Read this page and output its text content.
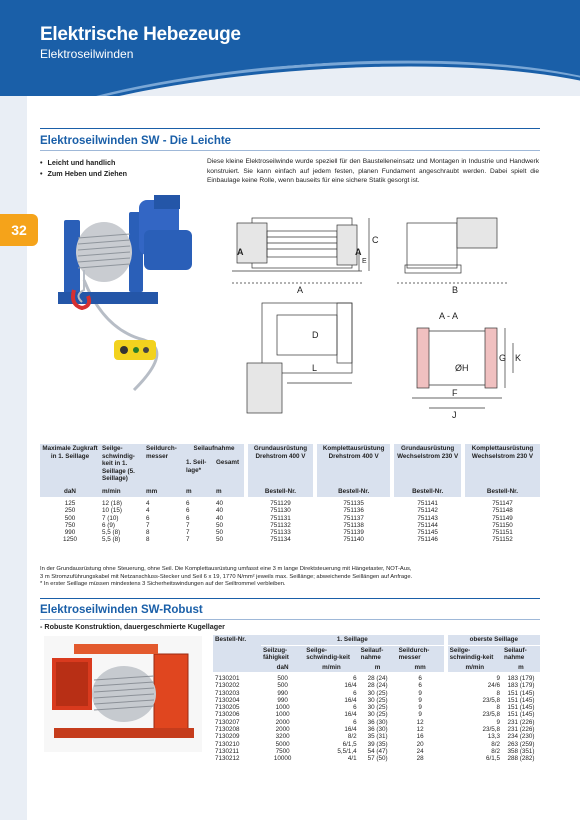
Elektrische Hebezeuge
Elektroseilwinden
32
Elektroseilwinden SW - Die Leichte
• Leicht und handlich
• Zum Heben und Ziehen
Diese kleine Elektroseilwinde wurde speziell für den Baustelleneinsatz und Montagen in Industrie und Handwerk konstruiert. Sie kann einfach auf jedem festen, planen Fundament angeschraubt werden. Dabei spielt die Einbaulage keine Rolle, wenn bauseits für eine sichere Statik gesorgt ist.
A	A
A	B
C
E
D
L
A - A
ØH
G K
F
J
Maximale Zugkraft in 1. Seillage	Seilge-schwindig-keit in 1. Seillage (5. Seillage)	Seildurch-messer	Seilaufnahme		Grundausrüstung Drehstrom 400 V	Komplettausrüstung Drehstrom 400 V	Grundausrüstung Wechselstrom 230 V	Komplettausrüstung Wechselstrom 230 V
			1. Seil-lage*	Gesamt				
daN	m/min	mm	m	m	Bestell-Nr.	Bestell-Nr.	Bestell-Nr.	Bestell-Nr.
125	12 (18)	4	6	40	751129	751135	751141	751147
250	10 (15)	4	6	40	751130	751136	751142	751148
500	7 (10)	6	6	40	751131	751137	751143	751149
750	6 (9)	7	7	50	751132	751138	751144	751150
990	5,5 (8)	8	7	50	751133	751139	751145	751151
1250	5,5 (8)	8	7	50	751134	751140	751146	751152
In der Grundausrüstung ohne Steuerung, ohne Seil. Die Komplettausrüstung umfasst eine 3 m lange Direktsteuerung mit Hängetaster, NOT-Aus,
3 m Stromzuführungskabel mit Netzanschluss-Stecker und Seil 6 x 19, 1770 N/mm² jeweils max. Seillänge; abweichende Seillängen auf Anfrage.
* In erster Seillage müssen mindestens 3 Sicherheitswindungen auf der Seiltrommel verbleiben.
Elektroseilwinden SW-Robust
- Robuste Konstruktion, dauergeschmierte Kugellager
Bestell-Nr.	1. Seillage				oberste Seillage	
	Seilzug-fähigkeit	Seilge-schwindig-keit	Seilauf-nahme	Seildurch-messer	Seilge-schwindig-keit	Seilauf-nahme
	daN	m/min	m	mm	m/min	m
7130201	500	6	28 (24)	6	9	183 (179)
7130202	500	16/4	28 (24)	6	24/6	183 (179)
7130203	990	6	30 (25)	9	8	151 (145)
7130204	990	16/4	30 (25)	9	23/5,8	151 (145)
7130205	1000	6	30 (25)	9	8	151 (145)
7130206	1000	16/4	30 (25)	9	23/5,8	151 (145)
7130207	2000	6	36 (30)	12	9	231 (226)
7130208	2000	16/4	36 (30)	12	23/5,8	231 (226)
7130209	3200	8/2	35 (31)	16	13,3	234 (230)
7130210	5000	6/1,5	39 (35)	20	8/2	263 (259)
7130211	7500	5,5/1,4	54 (47)	24	8/2	358 (351)
7130212	10000	4/1	57 (50)	28	6/1,5	288 (282)
